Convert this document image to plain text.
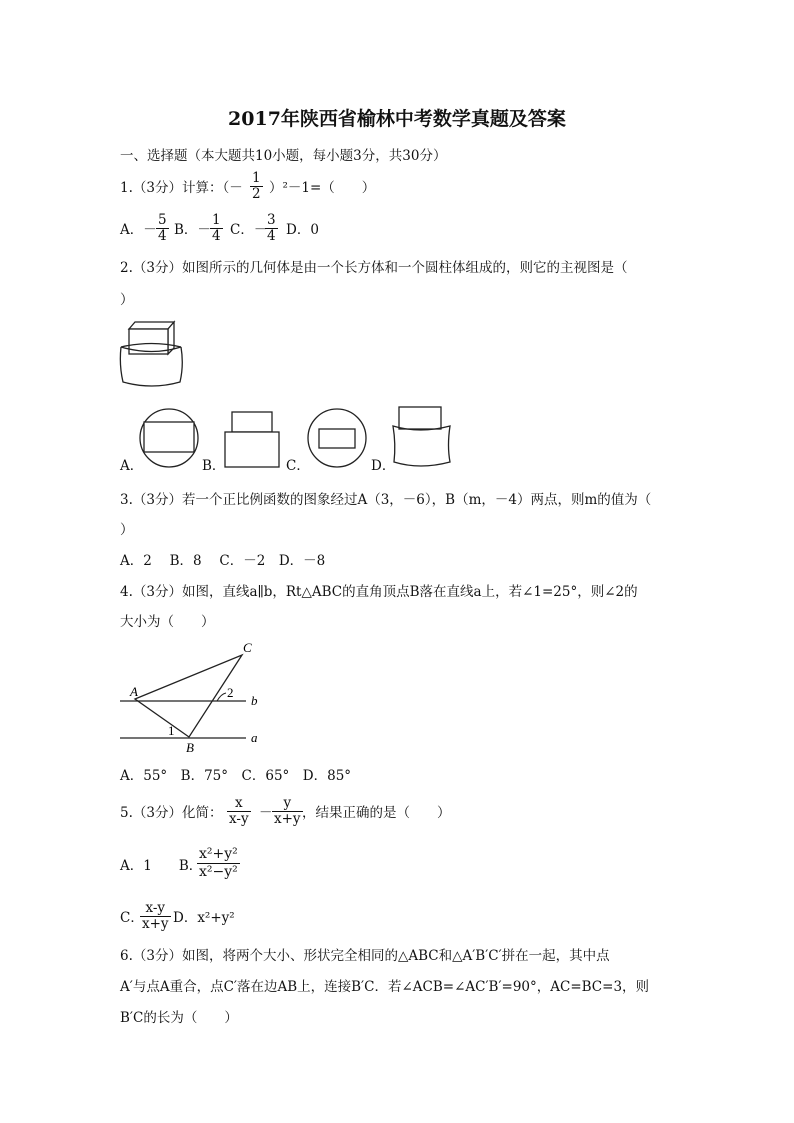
2017年陕西省榆林中考数学真题及答案
一、选择题（本大题共10小题，每小题3分，共30分）
1.（3分）计算：（－ $\frac{1}{2} )^2-1=$（　　）
A．－ $\frac{5}{4}$ B．－ $\frac{1}{4}$ C．－
$\frac{3}{4}$ D．0
2.（3分）如图所示的几何体是由一个长方体和一个圆柱体组成的，则它的主视图是（
）
A．	B．	C．	D．
3.（3分）若一个正比例函数的图象经过A（3，－6），B（m，－4）两点，则m的值为（
）
A．2　 B．8　 C．－2　D．－8
4.（3分）如图，直线a∥b，Rt△ABC的直角顶点B落在直线a上，若∠1=25°，则∠2的
大小为（　　）
A
B
C
1
2
b
a
A．55°　B．75°　C．65°　D．85°
5.（3分）化简： $\frac{x}{x-y} - \frac{y}{x+y}$ ，结果正确的是（　　）
A．1　　B．
$\frac{\text{x²+y²}}{\text{x²−y²}}$
C．
$\frac{x-y}{x+y}$ D．x²+y²
6.（3分）如图，将两个大小、形状完全相同的△ABC和△A′B′C′拼在一起，其中点
A′与点A重合，点C′落在边AB上，连接B′C．若∠ACB=∠AC′B′=90°，AC=BC=3，则
B′C的长为（　　）
